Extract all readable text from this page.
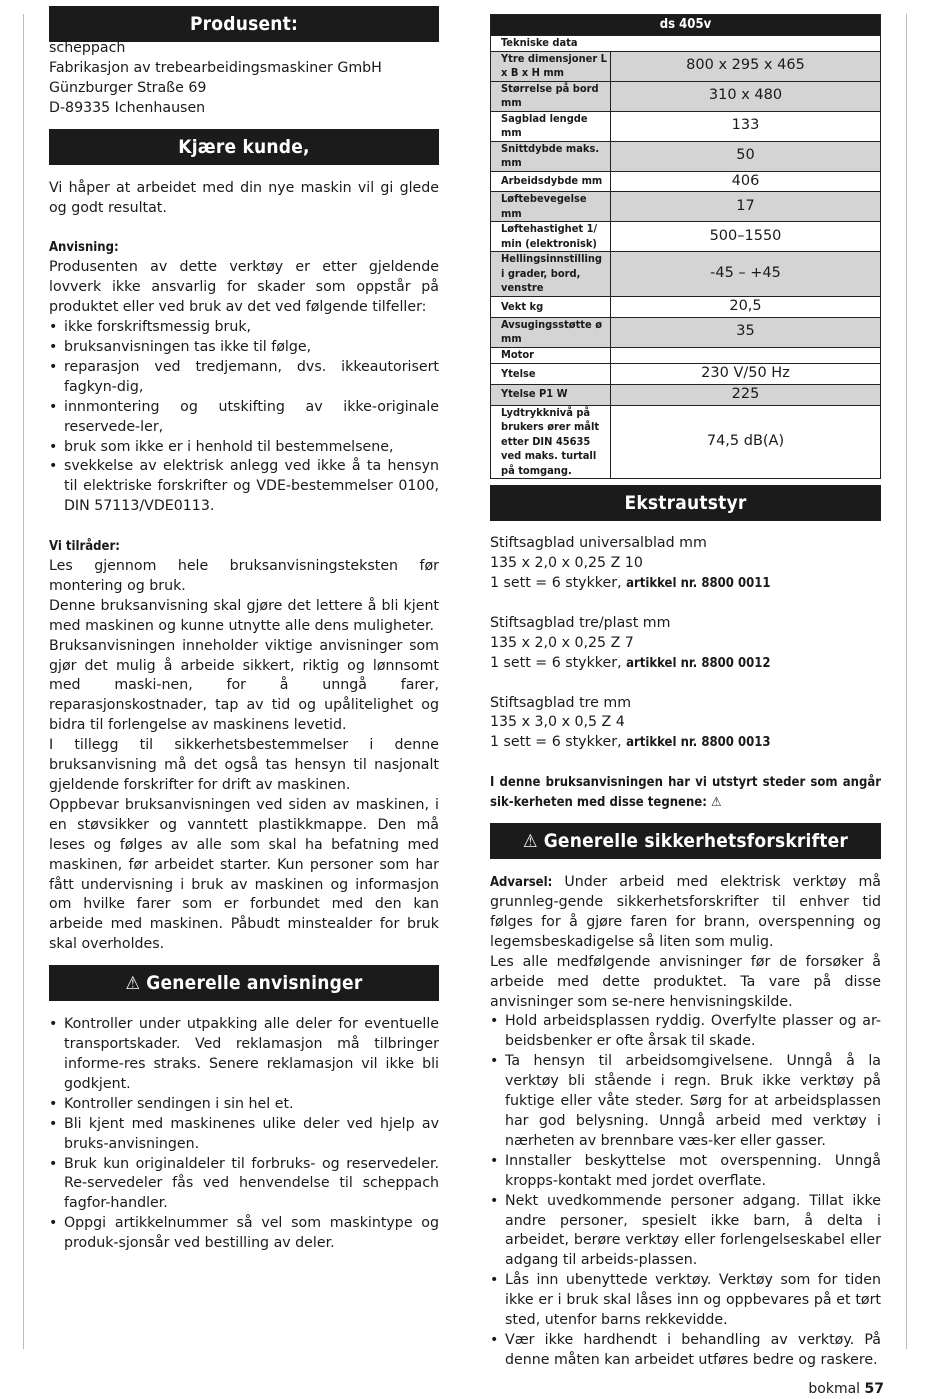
Produsent:
scheppach
Fabrikasjon av trebearbeidingsmaskiner GmbH
Günzburger Straße 69
D-89335 Ichenhausen
Kjære kunde,

Vi håper at arbeidet med din nye maskin vil gi glede og godt resultat.

Anvisning:

Produsenten av dette verktøy er etter gjeldende lovverk ikke ansvarlig for skader som oppstår på produktet eller ved bruk av det ved følgende tilfeller:

• ikke forskriftsmessig bruk,
• bruksanvisningen tas ikke til følge,
• reparasjon ved tredjemann, dvs. ikkeautorisert fagkyn-dig,
• innmontering og utskifting av ikke-originale reservede-ler,
• bruk som ikke er i henhold til bestemmelsene,
• svekkelse av elektrisk anlegg ved ikke å ta hensyn til elektriske forskrifter og VDE-bestemmelser 0100, DIN 57113/VDE0113.
Vi tilråder:

Les gjennom hele bruksanvisningsteksten før montering og bruk.

Denne bruksanvisning skal gjøre det lettere å bli kjent med maskinen og kunne utnytte alle dens muligheter.

Bruksanvisningen inneholder viktige anvisninger som gjør det mulig å arbeide sikkert, riktig og lønnsomt med maski-nen, for å unngå farer, reparasjonskostnader, tap av tid og upålitelighet og bidra til forlengelse av maskinens levetid.

I tillegg til sikkerhetsbestemmelser i denne bruksanvisning må det også tas hensyn til nasjonalt gjeldende forskrifter for drift av maskinen.

Oppbevar bruksanvisningen ved siden av maskinen, i en støvsikker og vanntett plastikkmappe. Den må leses og følges av alle som skal ha befatning med maskinen, før arbeidet starter. Kun personer som har fått undervisning i bruk av maskinen og informasjon om hvilke farer som er forbundet med den kan arbeide med maskinen. Påbudt minstealder for bruk skal overholdes.

⚠ Generelle anvisninger
• Kontroller under utpakking alle deler for eventuelle transportskader. Ved reklamasjon må tilbringer informe-res straks. Senere reklamasjon vil ikke bli godkjent.
• Kontroller sendingen i sin hel et.
• Bli kjent med maskinenes ulike deler ved hjelp av bruks-anvisningen.
• Bruk kun originaldeler til forbruks- og reservedeler. Re-servedeler fås ved henvendelse til scheppach fagfor-handler.
• Oppgi artikkelnummer så vel som maskintype og produk-sjonsår ved bestilling av deler.
ds 405v	
Tekniske data	
Ytre dimensjoner L x B x H mm	800 x 295 x 465
Størrelse på bord mm	310 x 480
Sagblad lengde mm	133
Snittdybde maks. mm	50
Arbeidsdybde mm	406
Løftebevegelse mm	17
Løftehastighet 1/ min (elektronisk)	500–1550
Hellingsinnstilling i grader, bord, venstre	-45 – +45
Vekt kg	20,5
Avsugingsstøtte ø mm	35
Motor	
Ytelse	230 V/50 Hz
Ytelse P1 W	225
Lydtrykknivå på brukers ører målt etter DIN 45635 ved maks. turtall på tomgang.	74,5 dB(A)
Ekstrautstyr
Stiftsagblad universalblad mm
135 x 2,0 x 0,25 Z 10
1 sett = 6 stykker, artikkel nr. 8800 0011
Stiftsagblad tre/plast mm
135 x 2,0 x 0,25 Z 7
1 sett = 6 stykker, artikkel nr. 8800 0012
Stiftsagblad tre mm
135 x 3,0 x 0,5 Z 4
1 sett = 6 stykker, artikkel nr. 8800 0013

I denne bruksanvisningen har vi utstyrt steder som angår sik-kerheten med disse tegnene: ⚠

⚠ Generelle sikkerhetsforskrifter

Advarsel: Under arbeid med elektrisk verktøy må grunnleg-gende sikkerhetsforskrifter til enhver tid følges for å gjøre faren for brann, overspenning og legemsbeskadigelse så liten som mulig.

Les alle medfølgende anvisninger før de forsøker å arbeide med dette produktet. Ta vare på disse anvisninger som se-nere henvisningskilde.

• Hold arbeidsplassen ryddig. Overfylte plasser og ar-beidsbenker er ofte årsak til skade.
• Ta hensyn til arbeidsomgivelsene. Unngå å la verktøy bli stående i regn. Bruk ikke verktøy på fuktige eller våte steder. Sørg for at arbeidsplassen har god belysning. Unngå arbeid med verktøy i nærheten av brennbare væs-ker eller gasser.
• Innstaller beskyttelse mot overspenning. Unngå kropps-kontakt med jordet overflate.
• Nekt uvedkommende personer adgang. Tillat ikke andre personer, spesielt ikke barn, å delta i arbeidet, berøre verktøy eller forlengelseskabel eller adgang til arbeids-plassen.
• Lås inn ubenyttede verktøy. Verktøy som for tiden ikke er i bruk skal låses inn og oppbevares på et tørt sted, utenfor barns rekkevidde.
• Vær ikke hardhendt i behandling av verktøy. På denne måten kan arbeidet utføres bedre og raskere.
bokmal 57
